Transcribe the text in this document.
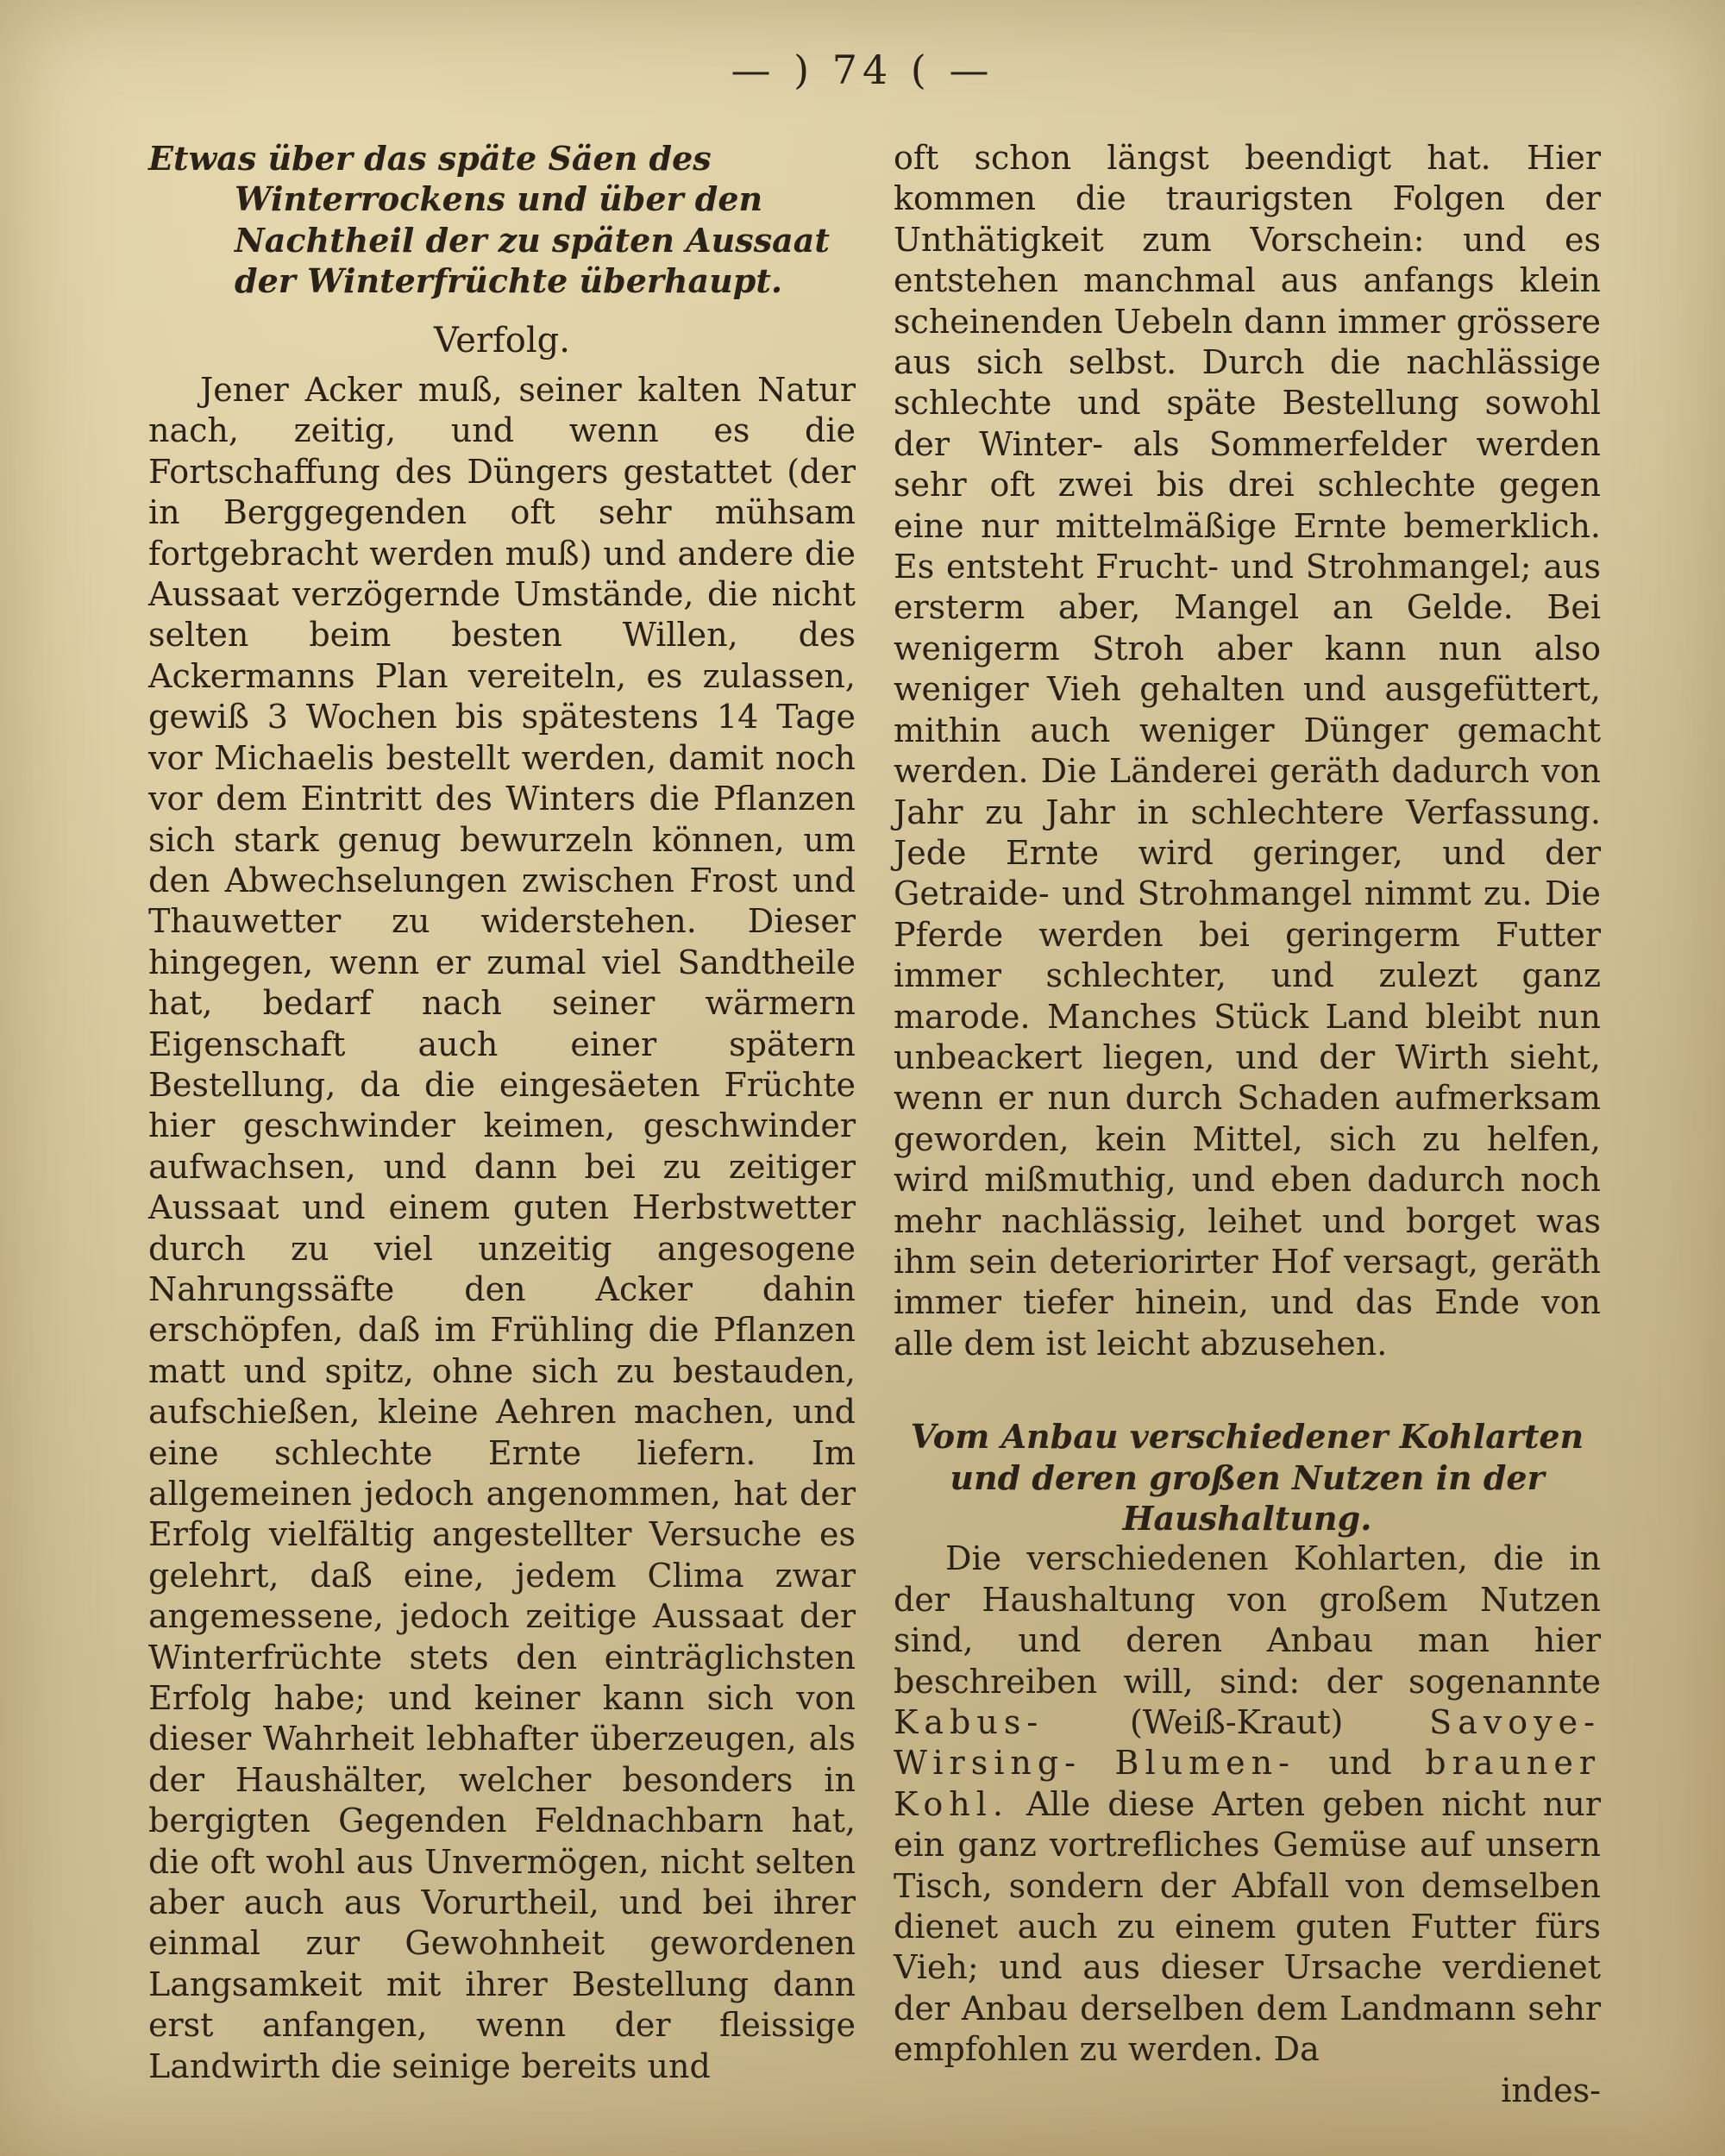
— ) 74 ( —
Etwas über das späte Säen des Winterrockens und über den Nachtheil der zu späten Aussaat der Winterfrüchte überhaupt.
Verfolg.

Jener Acker muß, seiner kalten Natur nach, zeitig, und wenn es die Fortschaffung des Düngers gestattet (der in Berggegenden oft sehr mühsam fortgebracht werden muß) und andere die Aussaat verzögernde Umstände, die nicht selten beim besten Willen, des Ackermanns Plan vereiteln, es zulassen, gewiß 3 Wochen bis spätestens 14 Tage vor Michaelis bestellt werden, damit noch vor dem Eintritt des Winters die Pflanzen sich stark genug bewurzeln können, um den Abwechselungen zwischen Frost und Thauwetter zu widerstehen. Dieser hingegen, wenn er zumal viel Sandtheile hat, bedarf nach seiner wärmern Eigenschaft auch einer spätern Bestellung, da die eingesäeten Früchte hier geschwinder keimen, geschwinder aufwachsen, und dann bei zu zeitiger Aussaat und einem guten Herbstwetter durch zu viel unzeitig angesogene Nahrungssäfte den Acker dahin erschöpfen, daß im Frühling die Pflanzen matt und spitz, ohne sich zu bestauden, aufschießen, kleine Aehren machen, und eine schlechte Ernte liefern. Im allgemeinen jedoch angenommen, hat der Erfolg vielfältig angestellter Versuche es gelehrt, daß eine, jedem Clima zwar angemessene, jedoch zeitige Aussaat der Winterfrüchte stets den einträglichsten Erfolg habe; und keiner kann sich von dieser Wahrheit lebhafter überzeugen, als der Haushälter, welcher besonders in bergigten Gegenden Feldnachbarn hat, die oft wohl aus Unvermögen, nicht selten aber auch aus Vorurtheil, und bei ihrer einmal zur Gewohnheit gewordenen Langsamkeit mit ihrer Bestellung dann erst anfangen, wenn der fleissige Landwirth die seinige bereits und

oft schon längst beendigt hat. Hier kommen die traurigsten Folgen der Unthätigkeit zum Vorschein: und es entstehen manchmal aus anfangs klein scheinenden Uebeln dann immer grössere aus sich selbst. Durch die nachlässige schlechte und späte Bestellung sowohl der Winter- als Sommerfelder werden sehr oft zwei bis drei schlechte gegen eine nur mittelmäßige Ernte bemerklich. Es entsteht Frucht- und Strohmangel; aus ersterm aber, Mangel an Gelde. Bei wenigerm Stroh aber kann nun also weniger Vieh gehalten und ausgefüttert, mithin auch weniger Dünger gemacht werden. Die Länderei geräth dadurch von Jahr zu Jahr in schlechtere Verfassung. Jede Ernte wird geringer, und der Getraide- und Strohmangel nimmt zu. Die Pferde werden bei geringerm Futter immer schlechter, und zulezt ganz marode. Manches Stück Land bleibt nun unbeackert liegen, und der Wirth sieht, wenn er nun durch Schaden aufmerksam geworden, kein Mittel, sich zu helfen, wird mißmuthig, und eben dadurch noch mehr nachlässig, leihet und borget was ihm sein deteriorirter Hof versagt, geräth immer tiefer hinein, und das Ende von alle dem ist leicht abzusehen.

Vom Anbau verschiedener Kohlarten und deren großen Nutzen in der Haushaltung.

Die verschiedenen Kohlarten, die in der Haushaltung von großem Nutzen sind, und deren Anbau man hier beschreiben will, sind: der sogenannte Kabus-	(Weiß-Kraut)	Savoye- Wirsing- Blumen- und brauner Kohl. Alle diese Arten geben nicht nur ein ganz vortrefliches Gemüse auf unsern Tisch, sondern der Abfall von demselben dienet auch zu einem guten Futter fürs Vieh; und aus dieser Ursache verdienet der Anbau derselben dem Landmann sehr empfohlen zu werden. Da

indes-
